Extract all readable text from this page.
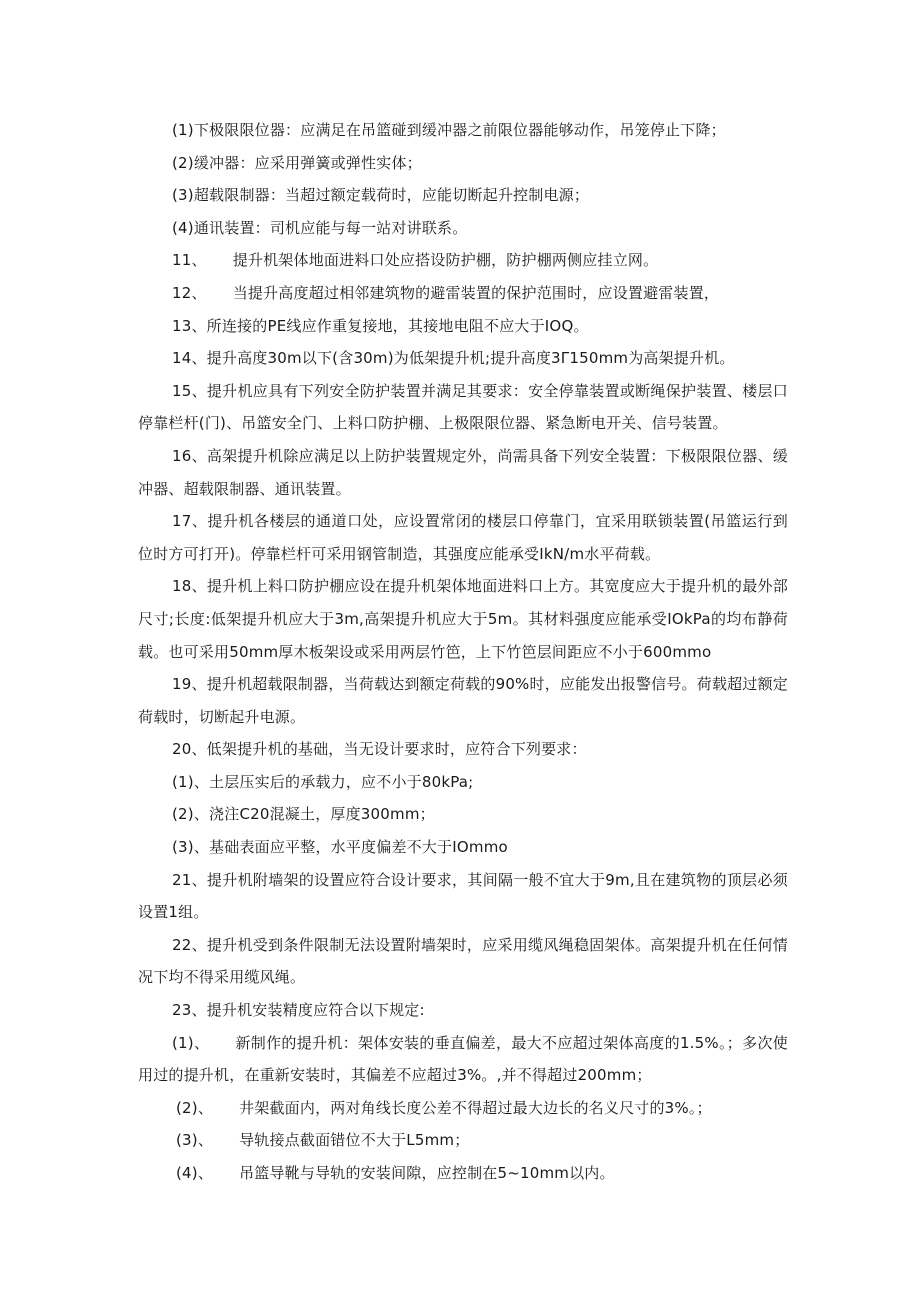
(1)下极限限位器：应满足在吊篮碰到缓冲器之前限位器能够动作，吊笼停止下降；

(2)缓冲器：应采用弹簧或弹性实体；

(3)超载限制器：当超过额定载荷时，应能切断起升控制电源；

(4)通讯装置：司机应能与每一站对讲联系。

11、 提升机架体地面进料口处应搭设防护棚，防护棚两侧应挂立网。

12、 当提升高度超过相邻建筑物的避雷装置的保护范围时，应设置避雷装置，

13、所连接的PE线应作重复接地，其接地电阻不应大于IOQ。

14、提升高度30m以下(含30m)为低架提升机;提升高度3Γ150mm为高架提升机。

15、提升机应具有下列安全防护装置并满足其要求：安全停靠装置或断绳保护装置、楼层口停靠栏杆(门)、吊篮安全门、上料口防护棚、上极限限位器、紧急断电开关、信号装置。

16、高架提升机除应满足以上防护装置规定外，尚需具备下列安全装置：下极限限位器、缓冲器、超载限制器、通讯装置。

17、提升机各楼层的通道口处，应设置常闭的楼层口停靠门，宜采用联锁装置(吊篮运行到位时方可打开)。停靠栏杆可采用钢管制造，其强度应能承受IkN/m水平荷载。

18、提升机上料口防护棚应设在提升机架体地面进料口上方。其宽度应大于提升机的最外部尺寸;长度:低架提升机应大于3m,高架提升机应大于5m。其材料强度应能承受IOkPa的均布静荷载。也可采用50mm厚木板架设或采用两层竹笆，上下竹笆层间距应不小于600mmo

19、提升机超载限制器，当荷载达到额定荷载的90%时，应能发出报警信号。荷载超过额定荷载时，切断起升电源。

20、低架提升机的基础，当无设计要求时，应符合下列要求：

(1)、土层压实后的承载力，应不小于80kPa;

(2)、浇注C20混凝土，厚度300mm；

(3)、基础表面应平整，水平度偏差不大于IOmmo

21、提升机附墙架的设置应符合设计要求，其间隔一般不宜大于9m,且在建筑物的顶层必须设置1组。

22、提升机受到条件限制无法设置附墙架时，应采用缆风绳稳固架体。高架提升机在任何情况下均不得采用缆风绳。

23、提升机安装精度应符合以下规定:

(1)、 新制作的提升机：架体安装的垂直偏差，最大不应超过架体高度的1.5%。；多次使用过的提升机，在重新安装时，其偏差不应超过3%。,并不得超过200mm；

(2)、 井架截面内，两对角线长度公差不得超过最大边长的名义尺寸的3%。；

(3)、 导轨接点截面错位不大于L5mm；

(4)、 吊篮导靴与导轨的安装间隙，应控制在5~10mm以内。
